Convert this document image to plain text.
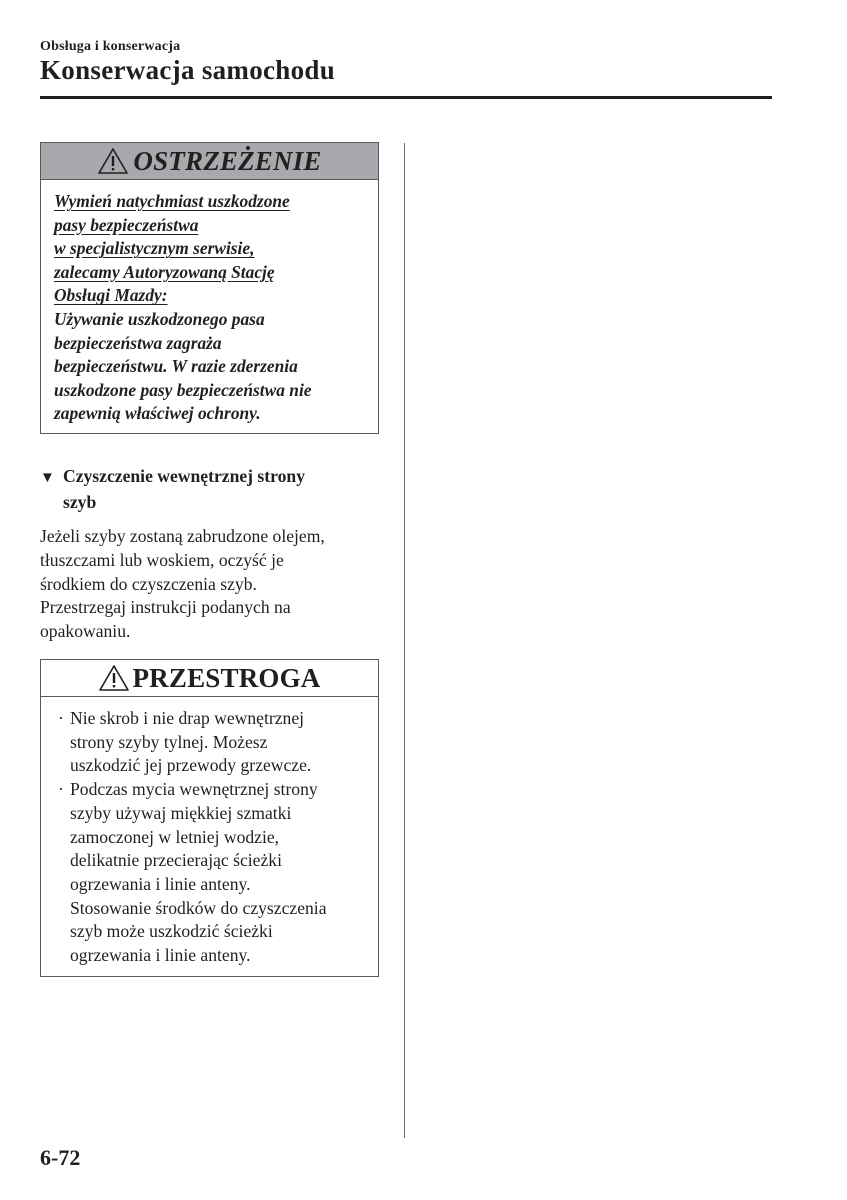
Obsługa i konserwacja
Konserwacja samochodu
OSTRZEŻENIE
Wymień natychmiast uszkodzone
pasy bezpieczeństwa
w specjalistycznym serwisie,
zalecamy Autoryzowaną Stację
Obsługi Mazdy:
Używanie uszkodzonego pasa
bezpieczeństwa zagraża
bezpieczeństwu. W razie zderzenia
uszkodzone pasy bezpieczeństwa nie
zapewnią właściwej ochrony.
▼ Czyszczenie wewnętrznej strony
szyb
Jeżeli szyby zostaną zabrudzone olejem,
tłuszczami lub woskiem, oczyść je
środkiem do czyszczenia szyb.
Przestrzegaj instrukcji podanych na
opakowaniu.
PRZESTROGA
· Nie skrob i nie drap wewnętrznej
strony szyby tylnej. Możesz
uszkodzić jej przewody grzewcze.
· Podczas mycia wewnętrznej strony
szyby używaj miękkiej szmatki
zamoczonej w letniej wodzie,
delikatnie przecierając ścieżki
ogrzewania i linie anteny.
Stosowanie środków do czyszczenia
szyb może uszkodzić ścieżki
ogrzewania i linie anteny.
6-72
